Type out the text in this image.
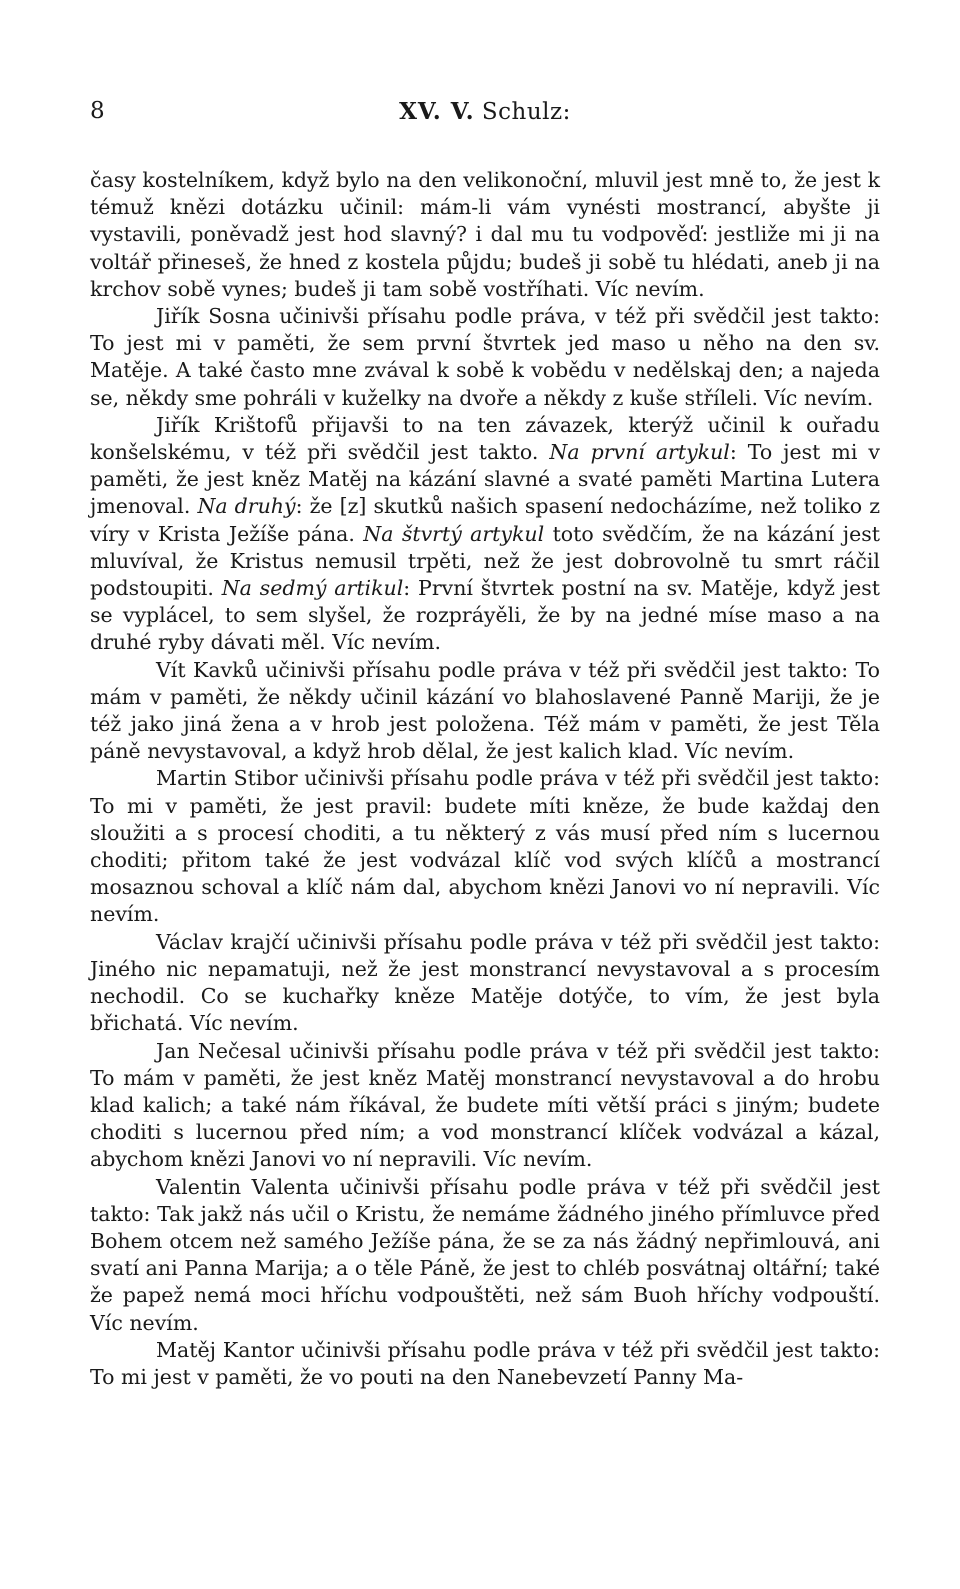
8	XV. V. Schulz:

časy kostelníkem, když bylo na den velikonoční, mluvil jest mně to, že jest k témuž knězi dotázku učinil: mám-li vám vynésti mostrancí, abyšte ji vystavili, poněvadž jest hod slavný? i dal mu tu vodpověď: jestliže mi ji na voltář přineseš, že hned z kostela půjdu; budeš ji sobě tu hlédati, aneb ji na krchov sobě vynes; budeš ji tam sobě vostříhati. Víc nevím.

Jiřík Sosna učinivši přísahu podle práva, v též při svědčil jest takto: To jest mi v paměti, že sem první štvrtek jed maso u něho na den sv. Matěje. A také často mne zvával k sobě k vobědu v nedělskaj den; a najeda se, někdy sme pohráli v kuželky na dvoře a někdy z kuše stříleli. Víc nevím.

Jiřík Krištofů přijavši to na ten závazek, kterýž učinil k ouřadu konšelskému, v též při svědčil jest takto. Na první artykul: To jest mi v paměti, že jest kněz Matěj na kázání slavné a svaté paměti Martina Lutera jmenoval. Na druhý: že [z] skutků našich spasení nedocházíme, než toliko z víry v Krista Ježíše pána. Na štvrtý artykul toto svědčím, že na kázání jest mluvíval, že Kristus nemusil trpěti, než že jest dobrovolně tu smrt ráčil podstoupiti. Na sedmý artikul: První štvrtek postní na sv. Matěje, když jest se vyplácel, to sem slyšel, že rozpráyěli, že by na jedné míse maso a na druhé ryby dávati měl. Víc nevím.

Vít Kavků učinivši přísahu podle práva v též při svědčil jest takto: To mám v paměti, že někdy učinil kázání vo blahoslavené Panně Mariji, že je též jako jiná žena a v hrob jest položena. Též mám v paměti, že jest Těla páně nevystavoval, a když hrob dělal, že jest kalich klad. Víc nevím.

Martin Stibor učinivši přísahu podle práva v též při svědčil jest takto: To mi v paměti, že jest pravil: budete míti kněze, že bude každaj den sloužiti a s procesí choditi, a tu některý z vás musí před ním s lucernou choditi; přitom také že jest vodvázal klíč vod svých klíčů a mostrancí mosaznou schoval a klíč nám dal, abychom knězi Janovi vo ní nepravili. Víc nevím.

Václav krajčí učinivši přísahu podle práva v též při svědčil jest takto: Jiného nic nepamatuji, než že jest monstrancí nevystavoval a s procesím nechodil. Co se kuchařky kněze Matěje dotýče, to vím, že jest byla břichatá. Víc nevím.

Jan Nečesal učinivši přísahu podle práva v též při svědčil jest takto: To mám v paměti, že jest kněz Matěj monstrancí nevystavoval a do hrobu klad kalich; a také nám říkával, že budete míti větší práci s jiným; budete choditi s lucernou před ním; a vod monstrancí klíček vodvázal a kázal, abychom knězi Janovi vo ní nepravili. Víc nevím.

Valentin Valenta učinivši přísahu podle práva v též při svědčil jest takto: Tak jakž nás učil o Kristu, že nemáme žádného jiného přímluvce před Bohem otcem než samého Ježíše pána, že se za nás žádný nepřimlouvá, ani svatí ani Panna Marija; a o těle Páně, že jest to chléb posvátnaj oltářní; také že papež nemá moci hříchu vodpouštěti, než sám Buoh hříchy vodpouští. Víc nevím.

Matěj Kantor učinivši přísahu podle práva v též při svědčil jest takto: To mi jest v paměti, že vo pouti na den Nanebevzetí Panny Ma-
